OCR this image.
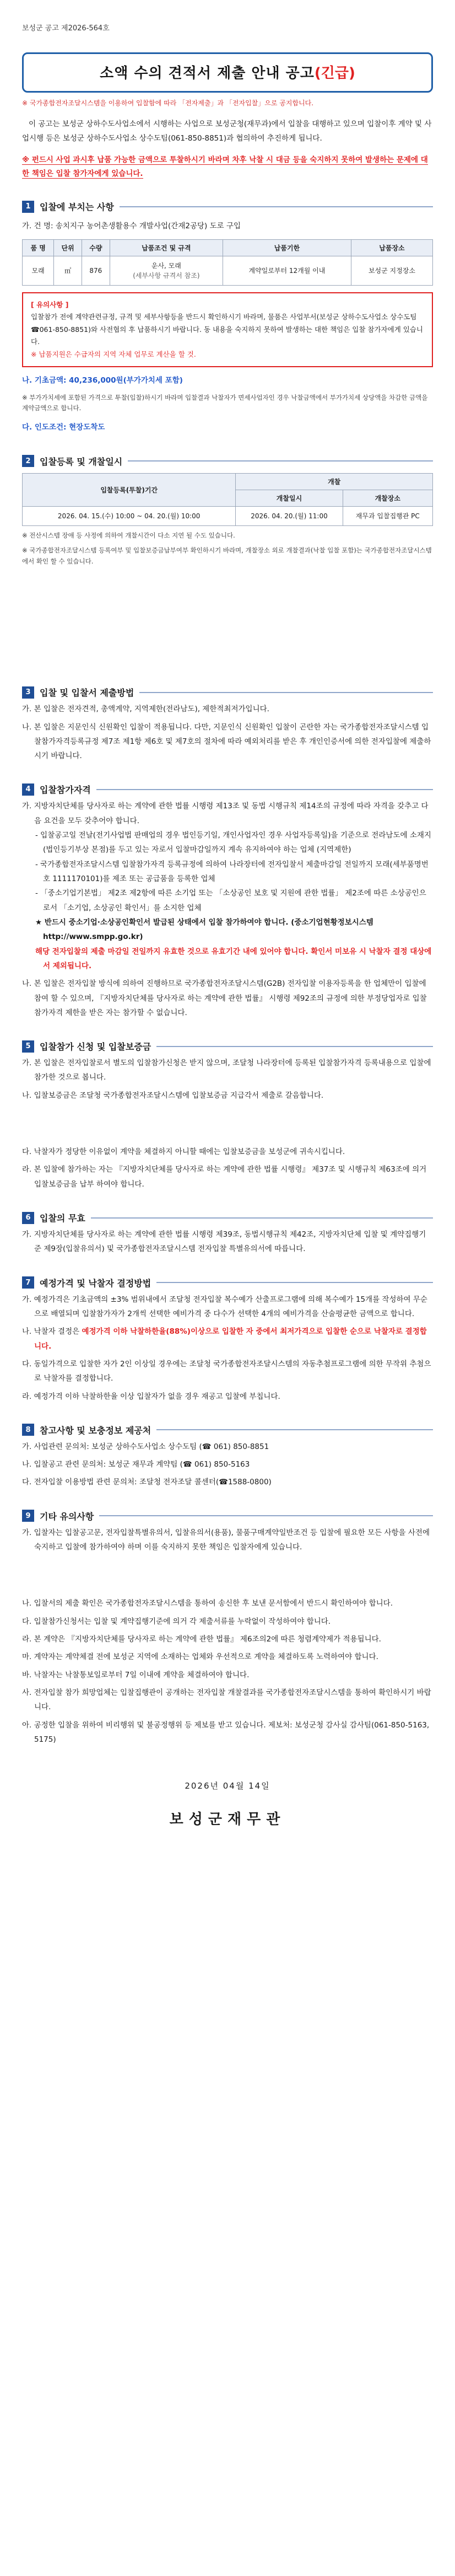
보성군 공고 제2026-564호
소액 수의 견적서 제출 안내 공고(긴급)
※ 국가종합전자조달시스템을 이용하여 입찰함에 따라 「전자제출」과 「전자입찰」으로 공지합니다.
이 공고는 보성군 상하수도사업소에서 시행하는 사업으로 보성군청(재무과)에서 입찰을 대행하고 있으며 입찰이후 계약 및 사업시행 등은 보성군 상하수도사업소 상수도팀(061-850-8851)과 협의하여 추진하게 됩니다.
※ 펀드시 사업 과시후 납품 가능한 금액으로 투찰하시기 바라며 차후 낙찰 시 대금 등을 숙지하지 못하여 발생하는 문제에 대한 책임은 입찰 참가자에게 있습니다.
1	입찰에 부치는 사항
가. 건 명: 송치지구 농어촌생활용수 개발사업(간재2공당) 도로 구입
품 명	단위	수량	납품조건 및 규격	납품기한	납품장소
모래	㎥	876	운사, 모래
(세부사항 규격서 참조)	계약일로부터 12개월 이내	보성군 지정장소
[ 유의사항 ]
입찰참가 전에 계약관련규정, 규격 및 세부사항등을 반드시 확인하시기 바라며, 물품은 사업부서(보성군 상하수도사업소 상수도팀 ☎061-850-8851)와 사전협의 후 납품하시기 바랍니다. 동 내용을 숙지하지 못하여 발생하는 대한 책임은 입찰 참가자에게 있습니다.
※ 납품지원은 수급자의 지역 자체 업무로 계산을 할 것.
나. 기초금액: 40,236,000원(부가가치세 포함)
※ 부가가치세에 포함된 가격으로 투찰(입찰)하시기 바라며 입찰결과 낙찰자가 면세사업자인 경우 낙찰금액에서 부가가치세 상당액을 차감한 금액을 계약금액으로 합니다.
다. 인도조건: 현장도착도
2	입찰등록 및 개찰일시
입찰등록(투찰)기간	개찰	
	개찰일시	개찰장소
2026. 04. 15.(수) 10:00 ~ 04. 20.(월) 10:00	2026. 04. 20.(월) 11:00	재무과 입찰집행관 PC
※ 전산시스템 장애 등 사정에 의하여 개찰시간이 다소 지연 될 수도 있습니다.
※ 국가종합전자조달시스템 등록여부 및 입찰보증금납부여부 확인하시기 바라며, 개찰장소 외로 개찰결과(낙찰 입찰 포함)는 국가종합전자조달시스템에서 확인 할 수 있습니다.
3	입찰 및 입찰서 제출방법
가. 본 입찰은 전자견적, 총액계약, 지역제한(전라남도), 제한적최저가입니다.
나. 본 입찰은 지문인식 신원확인 입찰이 적용됩니다. 다만, 지문인식 신원확인 입찰이 곤란한 자는 국가종합전자조달시스템 입찰참가자격등록규정 제7조 제1항 제6호 및 제7호의 절차에 따라 예외처리를 받은 후 개인인증서에 의한 전자입찰에 제출하시기 바랍니다.
4	입찰참가자격
가. 지방자치단체를 당사자로 하는 계약에 관한 법률 시행령 제13조 및 동법 시행규칙 제14조의 규정에 따라 자격을 갖추고 다음 요건을 모두 갖추어야 합니다.
- 입찰공고일 전날(전기사업법 판매업의 경우 법인등기일, 개인사업자인 경우 사업자등록일)을 기준으로 전라남도에 소재지(법인등기부상 본점)를 두고 있는 자로서 입찰마감일까지 계속 유지하여야 하는 업체 (지역제한)
- 국가종합전자조달시스템 입찰참가자격 등록규정에 의하여 나라장터에 전자입찰서 제출마감일 전일까지 모래(세부품명번호 1111170101)를 제조 또는 공급품을 등록한 업체
- 「중소기업기본법」 제2조 제2항에 따른 소기업 또는 「소상공인 보호 및 지원에 관한 법률」 제2조에 따른 소상공인으로서 「소기업, 소상공인 확인서」를 소지한 업체
★ 반드시 중소기업·소상공인확인서 발급된 상태에서 입찰 참가하여야 합니다. (중소기업현황정보시스템 http://www.smpp.go.kr)
해당 전자입찰의 제출 마감일 전일까지 유효한 것으로 유효기간 내에 있어야 합니다. 확인서 미보유 시 낙찰자 결정 대상에서 제외됩니다.
나. 본 입찰은 전자입찰 방식에 의하여 진행하므로 국가종합전자조달시스템(G2B) 전자입찰 이용자등록을 한 업체만이 입찰에 참여 할 수 있으며, 『지방자치단체를 당사자로 하는 계약에 관한 법률』 시행령 제92조의 규정에 의한 부정당업자로 입찰참가자격 제한을 받은 자는 참가할 수 없습니다.
5	입찰참가 신청 및 입찰보증금
가. 본 입찰은 전자입찰로서 별도의 입찰참가신청은 받지 않으며, 조달청 나라장터에 등록된 입찰참가자격 등록내용으로 입찰에 참가한 것으로 봅니다.
나. 입찰보증금은 조달청 국가종합전자조달시스템에 입찰보증금 지급각서 제출로 갈음합니다.
다. 낙찰자가 정당한 이유없이 계약을 체결하지 아니할 때에는 입찰보증금을 보성군에 귀속시킵니다.
라. 본 입찰에 참가하는 자는 『지방자치단체를 당사자로 하는 계약에 관한 법률 시행령』 제37조 및 시행규칙 제63조에 의거 입찰보증금을 납부 하여야 합니다.
6	입찰의 무효
가. 지방자치단체를 당사자로 하는 계약에 관한 법률 시행령 제39조, 동법시행규칙 제42조, 지방자치단체 입찰 및 계약집행기준 제9장(입찰유의서) 및 국가종합전자조달시스템 전자입찰 특별유의서에 따릅니다.
7	예정가격 및 낙찰자 결정방법
가. 예정가격은 기초금액의 ±3% 범위내에서 조달청 전자입찰 복수예가 산출프로그램에 의해 복수예가 15개를 작성하여 무순으로 배열되며 입찰참가자가 2개씩 선택한 예비가격 중 다수가 선택한 4개의 예비가격을 산술평균한 금액으로 합니다.
나. 낙찰자 결정은 예정가격 이하 낙찰하한율(88%)이상으로 입찰한 자 중에서 최저가격으로 입찰한 순으로 낙찰자로 결정합니다.
다. 동일가격으로 입찰한 자가 2인 이상일 경우에는 조달청 국가종합전자조달시스템의 자동추첨프로그램에 의한 무작위 추첨으로 낙찰자를 결정합니다.
라. 예정가격 이하 낙찰하한율 이상 입찰자가 없을 경우 재공고 입찰에 부칩니다.
8	참고사항 및 보충정보 제공처
가. 사업관련 문의처: 보성군 상하수도사업소 상수도팀 (☎ 061) 850-8851
나. 입찰공고 관련 문의처: 보성군 재무과 계약팀 (☎ 061) 850-5163
다. 전자입찰 이용방법 관련 문의처: 조달청 전자조달 콜센터(☎1588-0800)
9	기타 유의사항
가. 입찰자는 입찰공고문, 전자입찰특별유의서, 입찰유의서(용품), 물품구매계약일반조건 등 입찰에 필요한 모든 사항을 사전에 숙지하고 입찰에 참가하여야 하며 이를 숙지하지 못한 책임은 입찰자에게 있습니다.
나. 입찰서의 제출 확인은 국가종합전자조달시스템을 통하여 송신한 후 보낸 문서함에서 반드시 확인하여야 합니다.
다. 입찰참가신청서는 입찰 및 계약집행기준에 의거 각 제출서류를 누락없이 작성하여야 합니다.
라. 본 계약은 『지방자치단체를 당사자로 하는 계약에 관한 법률』 제6조의2에 따른 청렴계약제가 적용됩니다.
마. 계약자는 계약체결 전에 보성군 지역에 소재하는 업체와 우선적으로 계약을 체결하도록 노력하여야 합니다.
바. 낙찰자는 낙찰통보일로부터 7일 이내에 계약을 체결하여야 합니다.
사. 전자입찰 참가 희망업체는 입찰집행관이 공개하는 전자입찰 개찰결과를 국가종합전자조달시스템을 통하여 확인하시기 바랍니다.
아. 공정한 입찰을 위하여 비리행위 및 불공정행위 등 제보를 받고 있습니다. 제보처: 보성군청 감사실 감사팀(061-850-5163, 5175)
2026년 04월 14일
보성군재무관
